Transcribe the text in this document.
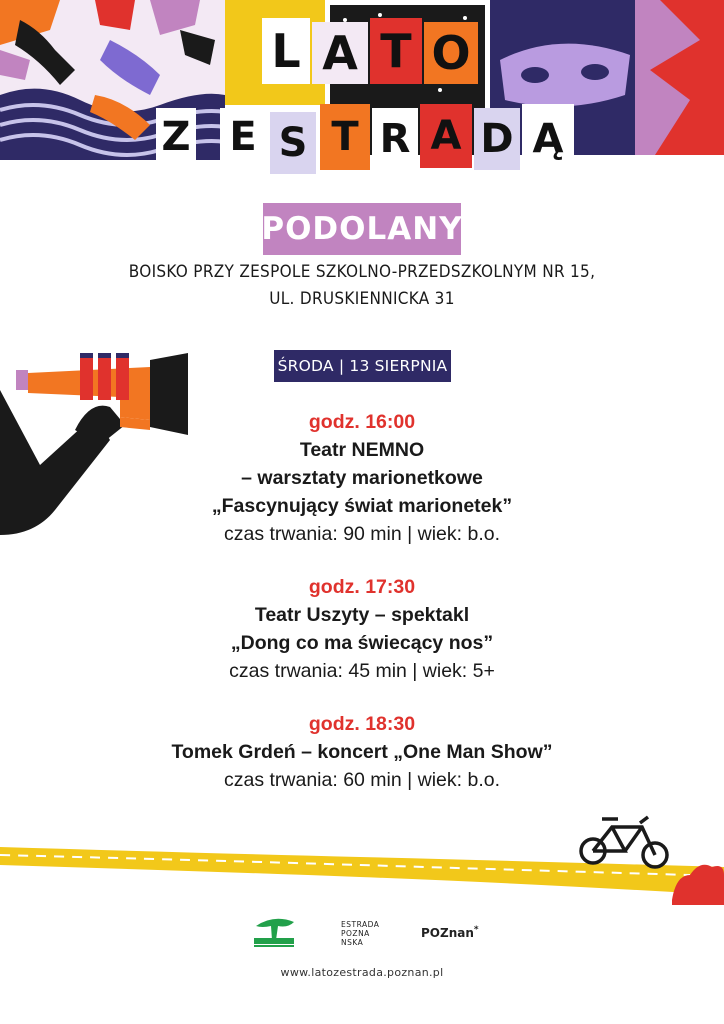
L A T O
Z E S T R A D Ą
PODOLANY
BOISKO PRZY ZESPOLE SZKOLNO-PRZEDSZKOLNYM NR 15,
UL. DRUSKIENNICKA 31
ŚRODA | 13 SIERPNIA
godz. 16:00
Teatr NEMNO
– warsztaty marionetkowe
„Fascynujący świat marionetek”
czas trwania: 90 min | wiek: b.o.
godz. 17:30
Teatr Uszyty – spektakl
„Dong co ma świecący nos”
czas trwania: 45 min | wiek: 5+
godz. 18:30
Tomek Grdeń – koncert „One Man Show”
czas trwania: 60 min | wiek: b.o.
ESTRADA
POZNA
NSKA
POZnan*
www.latozestrada.poznan.pl
